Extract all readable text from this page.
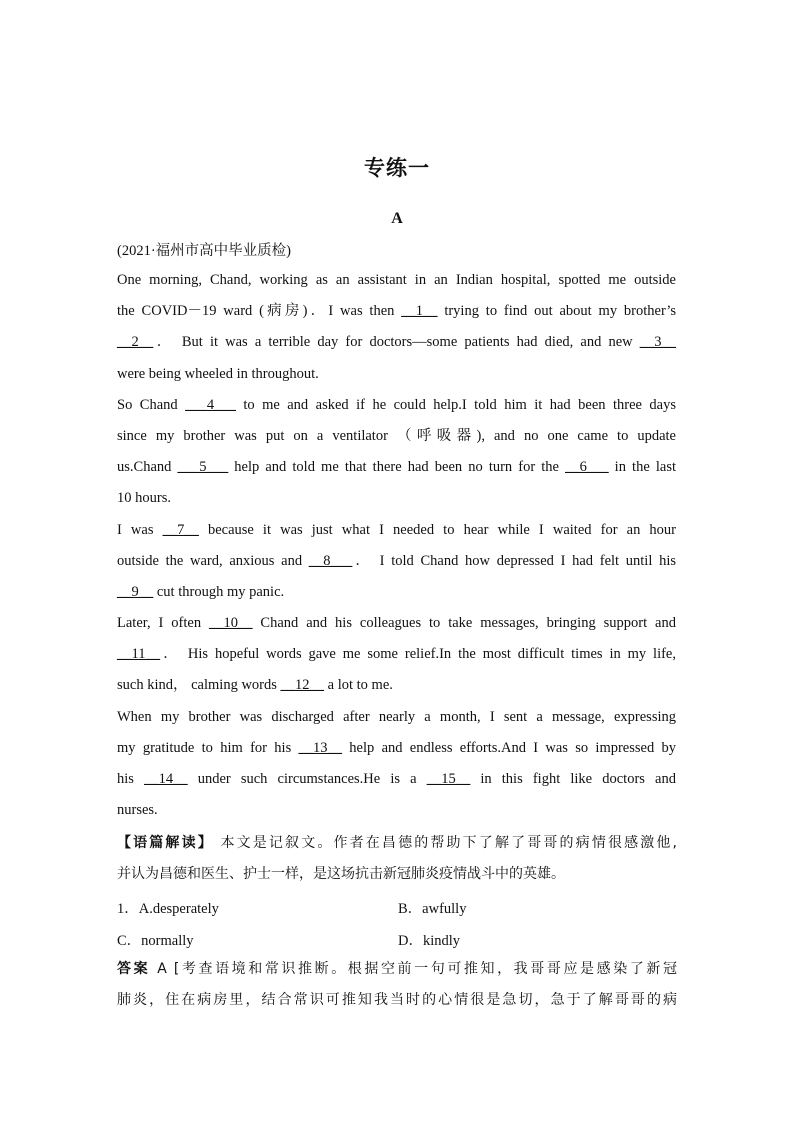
专练一
A
(2021·福州市高中毕业质检)
One morning, Chand, working as an assistant in an Indian hospital, spotted me outside
the COVID－19 ward (病房)．I was then __1__ trying to find out about my brother’s
__2__． But it was a terrible day for doctors—some patients had died, and new __3__
were being wheeled in throughout.
So Chand ___4___ to me and asked if he could help.I told him it had been three days
since my brother was put on a ventilator （呼吸器), and no one came to update
us.Chand ___5___ help and told me that there had been no turn for the __6___ in the last
10 hours.
I was __7__ because it was just what I needed to hear while I waited for an hour
outside the ward, anxious and __8___． I told Chand how depressed I had felt until his
__9__ cut through my panic.
Later, I often __10__ Chand and his colleagues to take messages, bringing support and
__11__． His hopeful words gave me some relief.In the most difficult times in my life,
such kind， calming words __12__ a lot to me.
When my brother was discharged after nearly a month, I sent a message, expressing
my gratitude to him for his __13__ help and endless efforts.And I was so impressed by
his __14__ under such circumstances.He is a __15__ in this fight like doctors and
nurses.
【语篇解读】 本文是记叙文。作者在昌德的帮助下了解了哥哥的病情很感激他,
并认为昌德和医生、护士一样，是这场抗击新冠肺炎疫情战斗中的英雄。
1．A.desperately	B．awfully
C．normally	D．kindly
答案 A [考查语境和常识推断。根据空前一句可推知，我哥哥应是感染了新冠
肺炎，住在病房里，结合常识可推知我当时的心情很是急切，急于了解哥哥的病
